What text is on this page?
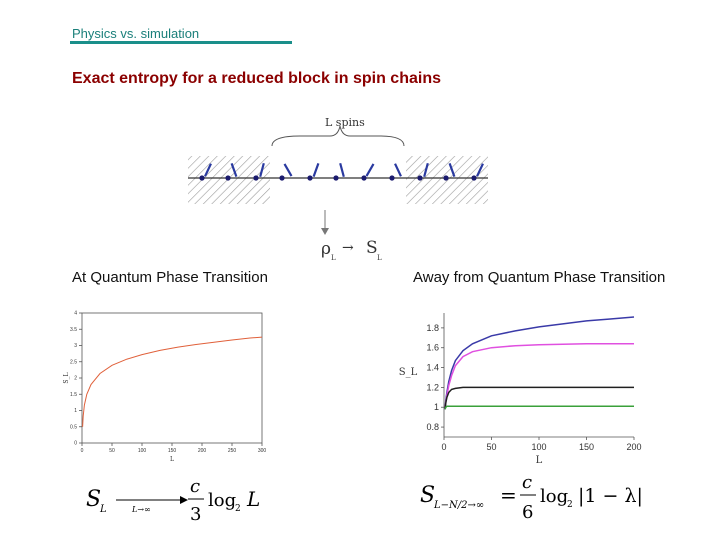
Physics vs. simulation
Exact entropy for a reduced block in spin chains
L spins
ρ L
→ S L
At Quantum Phase Transition	Away from Quantum Phase Transition
0	50	100	150	200	250	300
0
0.5
1
1.5
2
2.5
3
3.5
4
L
S_L
0	50	100	150	200
0.8
1
1.2
1.4
1.6
1.8
L
S_L
S
L	L→∞
c
3
log
2 L	S
L−N/2→∞ =
c
6
log
2 |1 − λ|
